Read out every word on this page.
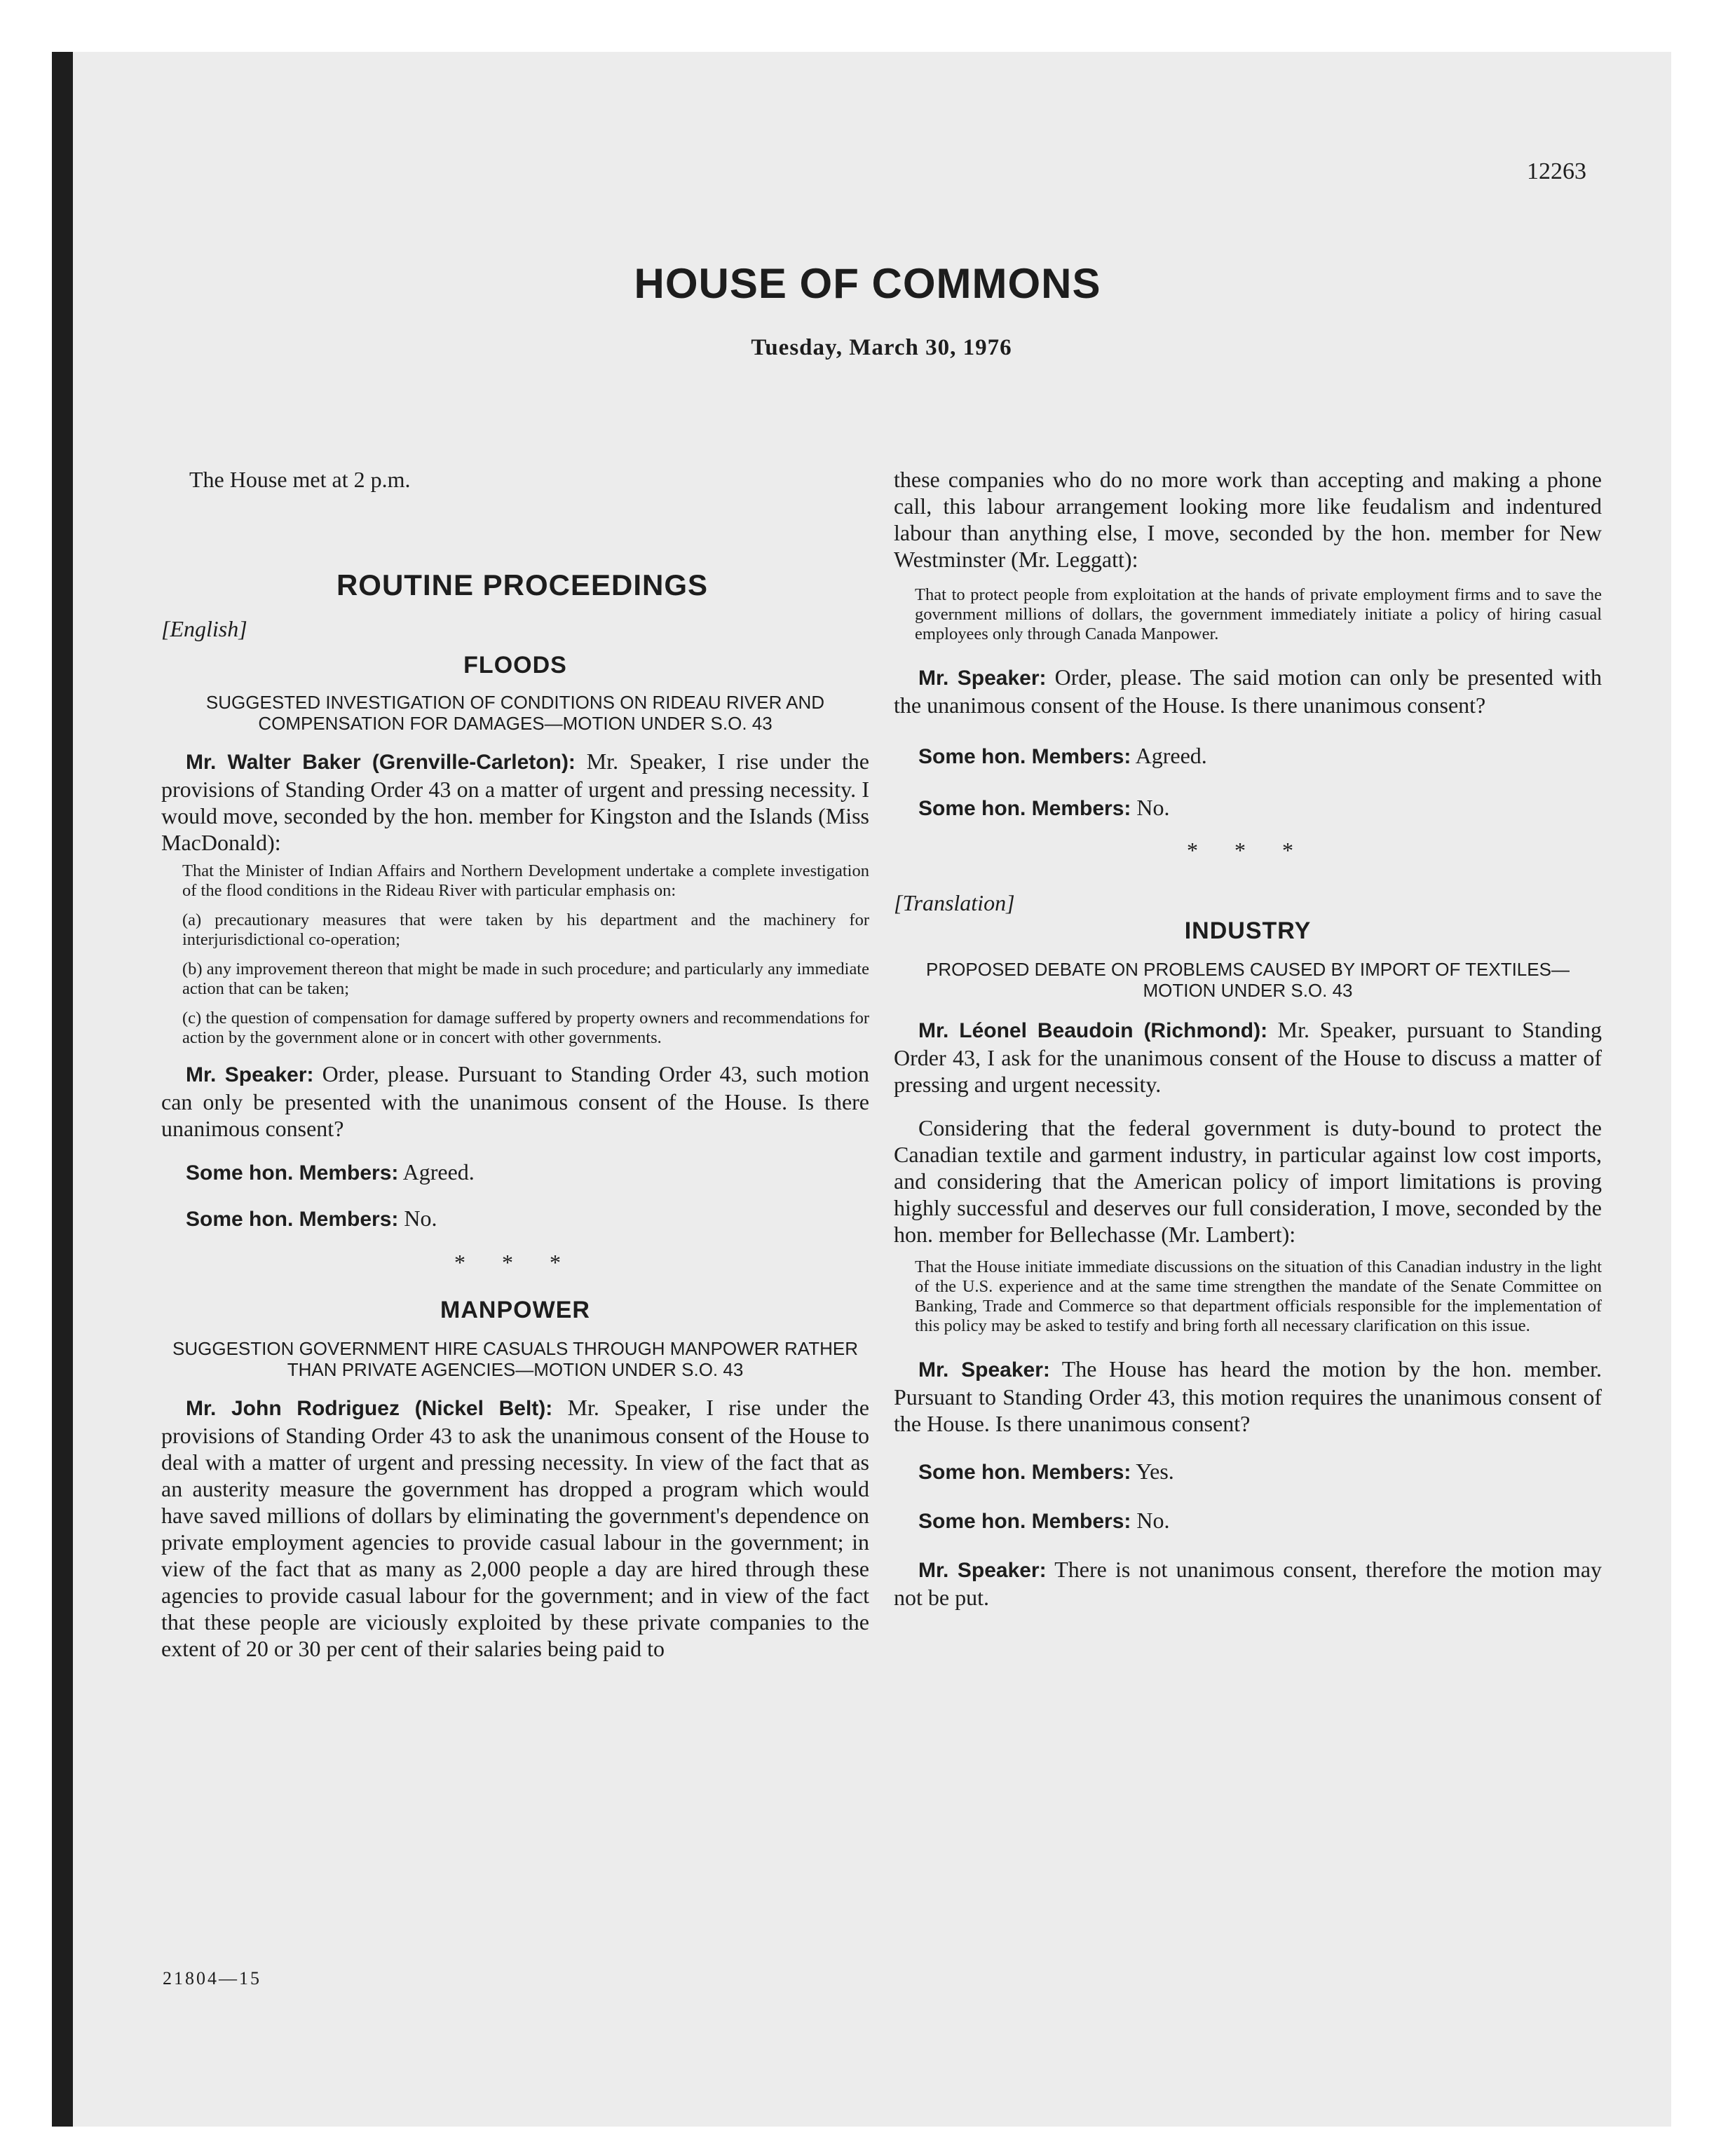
12263
HOUSE OF COMMONS
Tuesday, March 30, 1976

The House met at 2 p.m.

ROUTINE PROCEEDINGS

[English]

FLOODS

SUGGESTED INVESTIGATION OF CONDITIONS ON RIDEAU RIVER AND COMPENSATION FOR DAMAGES—MOTION UNDER S.O. 43

Mr. Walter Baker (Grenville-Carleton): Mr. Speaker, I rise under the provisions of Standing Order 43 on a matter of urgent and pressing necessity. I would move, seconded by the hon. member for Kingston and the Islands (Miss MacDonald):

That the Minister of Indian Affairs and Northern Development undertake a complete investigation of the flood conditions in the Rideau River with particular emphasis on:

(a) precautionary measures that were taken by his department and the machinery for interjurisdictional co-operation;

(b) any improvement thereon that might be made in such procedure; and particularly any immediate action that can be taken;

(c) the question of compensation for damage suffered by property owners and recommendations for action by the government alone or in concert with other governments.

Mr. Speaker: Order, please. Pursuant to Standing Order 43, such motion can only be presented with the unanimous consent of the House. Is there unanimous consent?

Some hon. Members: Agreed.

Some hon. Members: No.

* * *

MANPOWER

SUGGESTION GOVERNMENT HIRE CASUALS THROUGH MANPOWER RATHER THAN PRIVATE AGENCIES—MOTION UNDER S.O. 43

Mr. John Rodriguez (Nickel Belt): Mr. Speaker, I rise under the provisions of Standing Order 43 to ask the unanimous consent of the House to deal with a matter of urgent and pressing necessity. In view of the fact that as an austerity measure the government has dropped a program which would have saved millions of dollars by eliminating the government's dependence on private employment agencies to provide casual labour in the government; in view of the fact that as many as 2,000 people a day are hired through these agencies to provide casual labour for the government; and in view of the fact that these people are viciously exploited by these private companies to the extent of 20 or 30 per cent of their salaries being paid to

these companies who do no more work than accepting and making a phone call, this labour arrangement looking more like feudalism and indentured labour than anything else, I move, seconded by the hon. member for New Westminster (Mr. Leggatt):

That to protect people from exploitation at the hands of private employment firms and to save the government millions of dollars, the government immediately initiate a policy of hiring casual employees only through Canada Manpower.

Mr. Speaker: Order, please. The said motion can only be presented with the unanimous consent of the House. Is there unanimous consent?

Some hon. Members: Agreed.

Some hon. Members: No.

* * *

[Translation]

INDUSTRY

PROPOSED DEBATE ON PROBLEMS CAUSED BY IMPORT OF TEXTILES—MOTION UNDER S.O. 43

Mr. Léonel Beaudoin (Richmond): Mr. Speaker, pursuant to Standing Order 43, I ask for the unanimous consent of the House to discuss a matter of pressing and urgent necessity.

Considering that the federal government is duty-bound to protect the Canadian textile and garment industry, in particular against low cost imports, and considering that the American policy of import limitations is proving highly successful and deserves our full consideration, I move, seconded by the hon. member for Bellechasse (Mr. Lambert):

That the House initiate immediate discussions on the situation of this Canadian industry in the light of the U.S. experience and at the same time strengthen the mandate of the Senate Committee on Banking, Trade and Commerce so that department officials responsible for the implementation of this policy may be asked to testify and bring forth all necessary clarification on this issue.

Mr. Speaker: The House has heard the motion by the hon. member. Pursuant to Standing Order 43, this motion requires the unanimous consent of the House. Is there unanimous consent?

Some hon. Members: Yes.

Some hon. Members: No.

Mr. Speaker: There is not unanimous consent, therefore the motion may not be put.

21804—15
